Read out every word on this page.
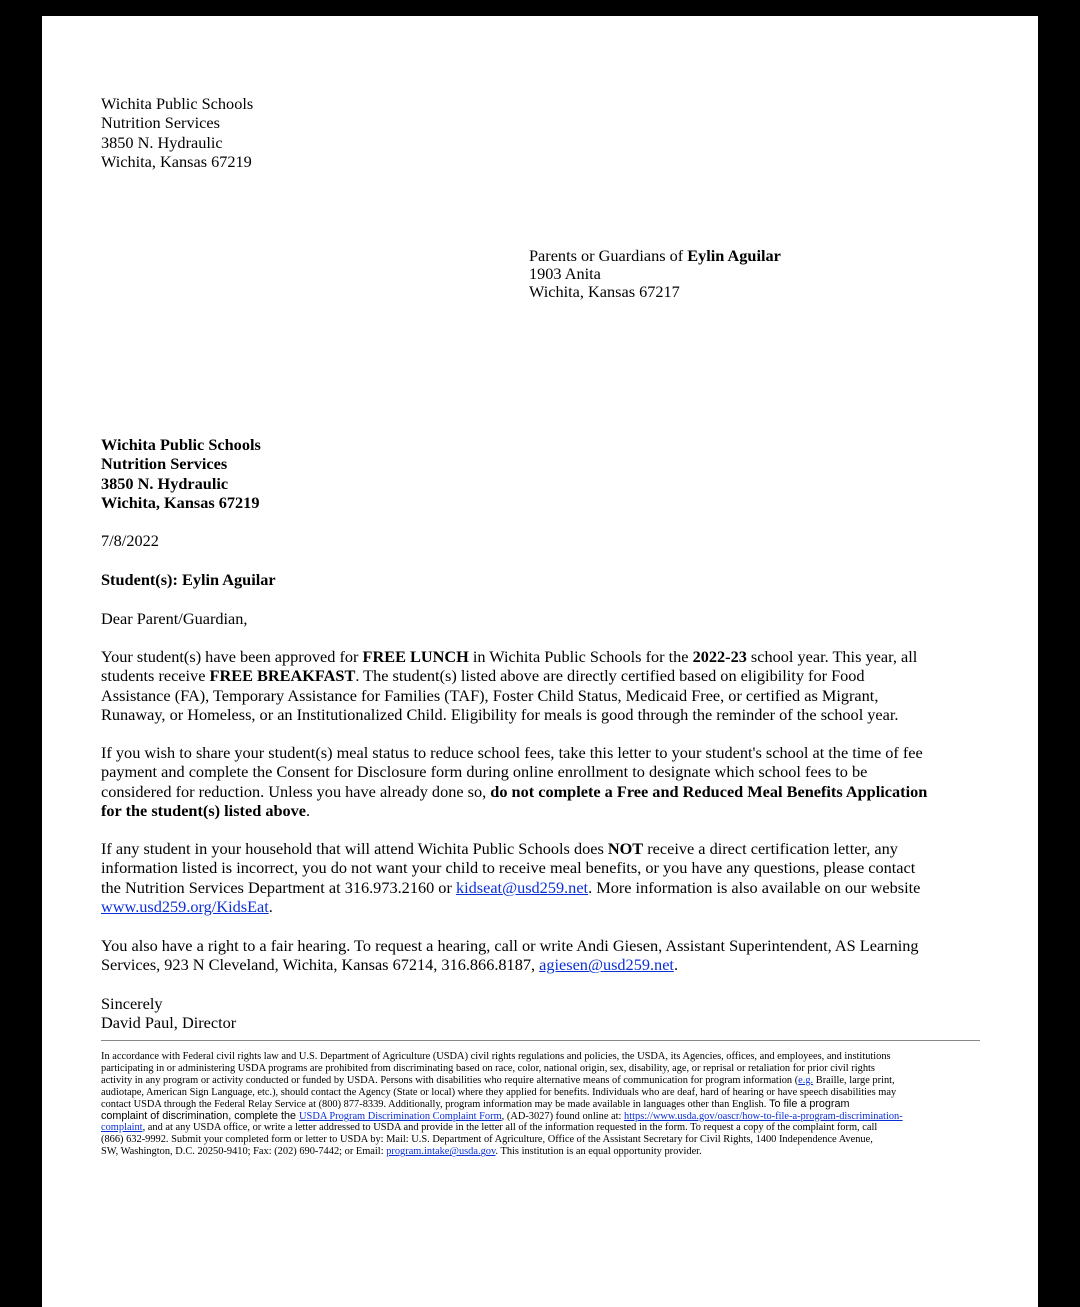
Wichita Public Schools
Nutrition Services
3850 N. Hydraulic
Wichita, Kansas 67219
Parents or Guardians of Eylin Aguilar
1903 Anita
Wichita, Kansas 67217
Wichita Public Schools
Nutrition Services
3850 N. Hydraulic
Wichita, Kansas 67219
7/8/2022
Student(s): Eylin Aguilar
Dear Parent/Guardian,
Your student(s) have been approved for FREE LUNCH in Wichita Public Schools for the 2022-23 school year. This year, all
students receive FREE BREAKFAST. The student(s) listed above are directly certified based on eligibility for Food
Assistance (FA), Temporary Assistance for Families (TAF), Foster Child Status, Medicaid Free, or certified as Migrant,
Runaway, or Homeless, or an Institutionalized Child. Eligibility for meals is good through the reminder of the school year.
If you wish to share your student(s) meal status to reduce school fees, take this letter to your student's school at the time of fee
payment and complete the Consent for Disclosure form during online enrollment to designate which school fees to be
considered for reduction. Unless you have already done so, do not complete a Free and Reduced Meal Benefits Application
for the student(s) listed above.
If any student in your household that will attend Wichita Public Schools does NOT receive a direct certification letter, any
information listed is incorrect, you do not want your child to receive meal benefits, or you have any questions, please contact
the Nutrition Services Department at 316.973.2160 or kidseat@usd259.net. More information is also available on our website
www.usd259.org/KidsEat.
You also have a right to a fair hearing. To request a hearing, call or write Andi Giesen, Assistant Superintendent, AS Learning
Services, 923 N Cleveland, Wichita, Kansas 67214, 316.866.8187, agiesen@usd259.net.
Sincerely
David Paul, Director
In accordance with Federal civil rights law and U.S. Department of Agriculture (USDA) civil rights regulations and policies, the USDA, its Agencies, offices, and employees, and institutions
participating in or administering USDA programs are prohibited from discriminating based on race, color, national origin, sex, disability, age, or reprisal or retaliation for prior civil rights
activity in any program or activity conducted or funded by USDA. Persons with disabilities who require alternative means of communication for program information (e.g. Braille, large print,
audiotape, American Sign Language, etc.), should contact the Agency (State or local) where they applied for benefits. Individuals who are deaf, hard of hearing or have speech disabilities may
contact USDA through the Federal Relay Service at (800) 877-8339. Additionally, program information may be made available in languages other than English. To file a program
complaint of discrimination, complete the USDA Program Discrimination Complaint Form, (AD-3027) found online at: https://www.usda.gov/oascr/how-to-file-a-program-discrimination-
complaint, and at any USDA office, or write a letter addressed to USDA and provide in the letter all of the information requested in the form. To request a copy of the complaint form, call
(866) 632-9992. Submit your completed form or letter to USDA by: Mail: U.S. Department of Agriculture, Office of the Assistant Secretary for Civil Rights, 1400 Independence Avenue,
SW, Washington, D.C. 20250-9410; Fax: (202) 690-7442; or Email: program.intake@usda.gov. This institution is an equal opportunity provider.
